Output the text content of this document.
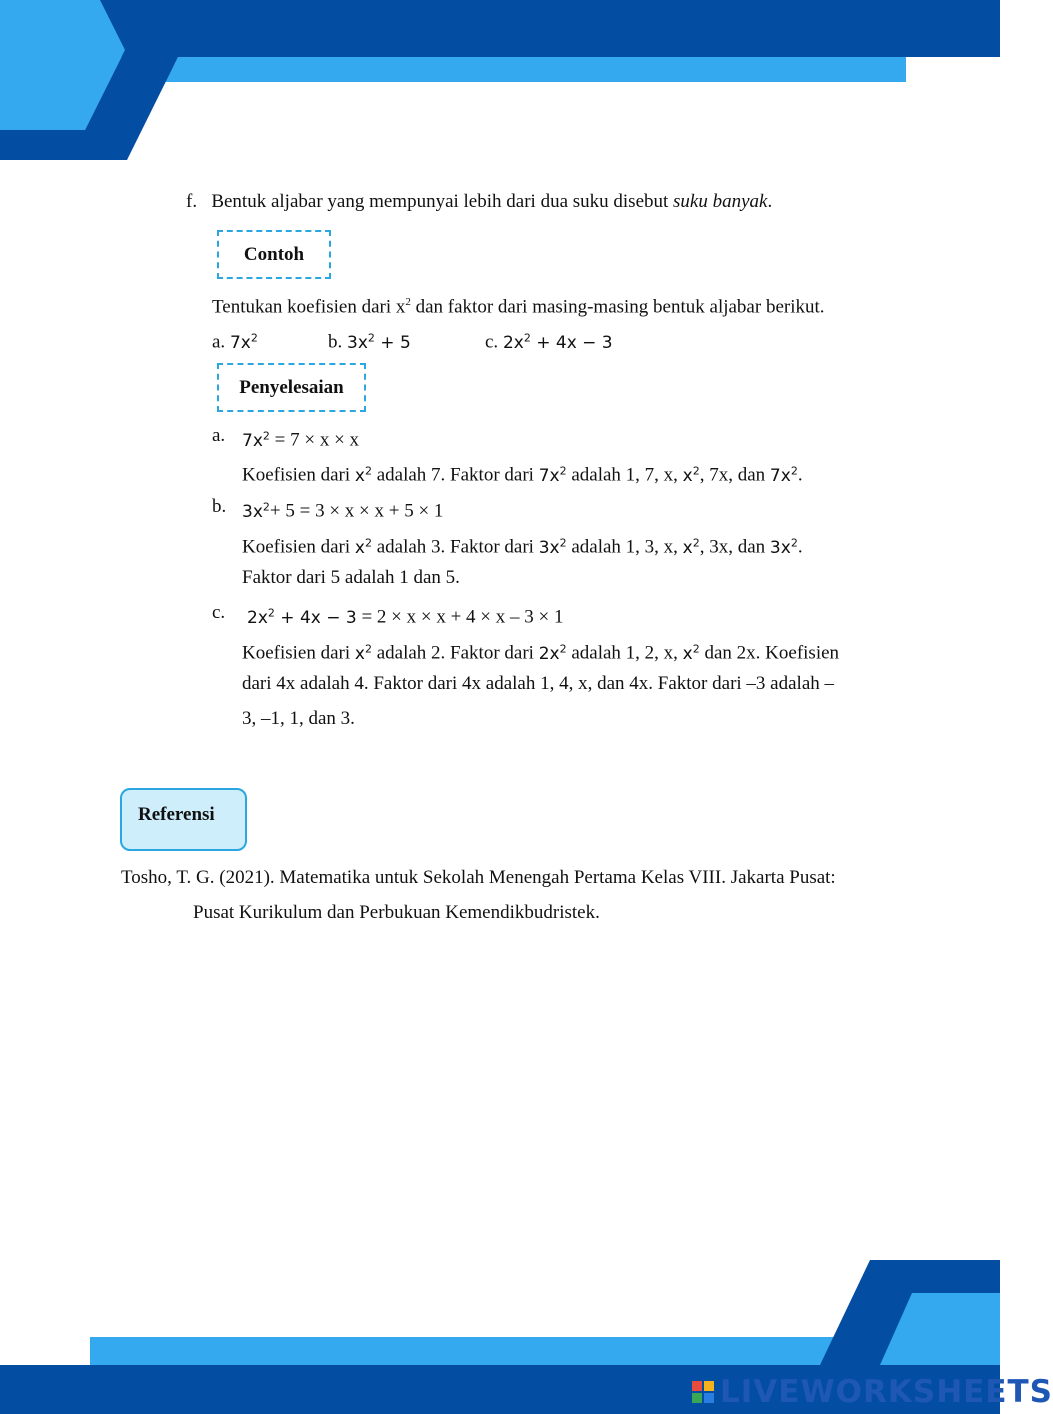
f. Bentuk aljabar yang mempunyai lebih dari dua suku disebut suku banyak.
Contoh
Tentukan koefisien dari $x^2$ dan faktor dari masing-masing bentuk aljabar berikut.
a. $7x^2$	b. $3x^2 + 5$	c. $2x^2 + 4x - 3$
Penyelesaian
a. $7x^2 = 7 \times x \times x$
Koefisien dari $x^2$ adalah 7. Faktor dari $7x^2$ adalah 1, 7, x, $x^2$, 7x, dan $7x^2$.
b. $3x^2+ 5 = 3 \times x \times x + 5 \times 1$
Koefisien dari $x^2$ adalah 3. Faktor dari $3x^2$ adalah 1, 3, x, $x^2$, 3x, dan $3x^2$.
Faktor dari 5 adalah 1 dan 5.
c. $2x^2 + 4x - 3 = 2 \times x \times x + 4 \times x - 3 \times 1$
Koefisien dari $x^2$ adalah 2. Faktor dari $2x^2$ adalah 1, 2, x, $x^2$ dan 2x. Koefisien
dari 4x adalah 4. Faktor dari 4x adalah 1, 4, x, dan 4x. Faktor dari –3 adalah –
3, –1, 1, dan 3.
Referensi
Tosho, T. G. (2021). Matematika untuk Sekolah Menengah Pertama Kelas VIII. Jakarta Pusat:
Pusat Kurikulum dan Perbukuan Kemendikbudristek.
LIVEWORKSHEETS
